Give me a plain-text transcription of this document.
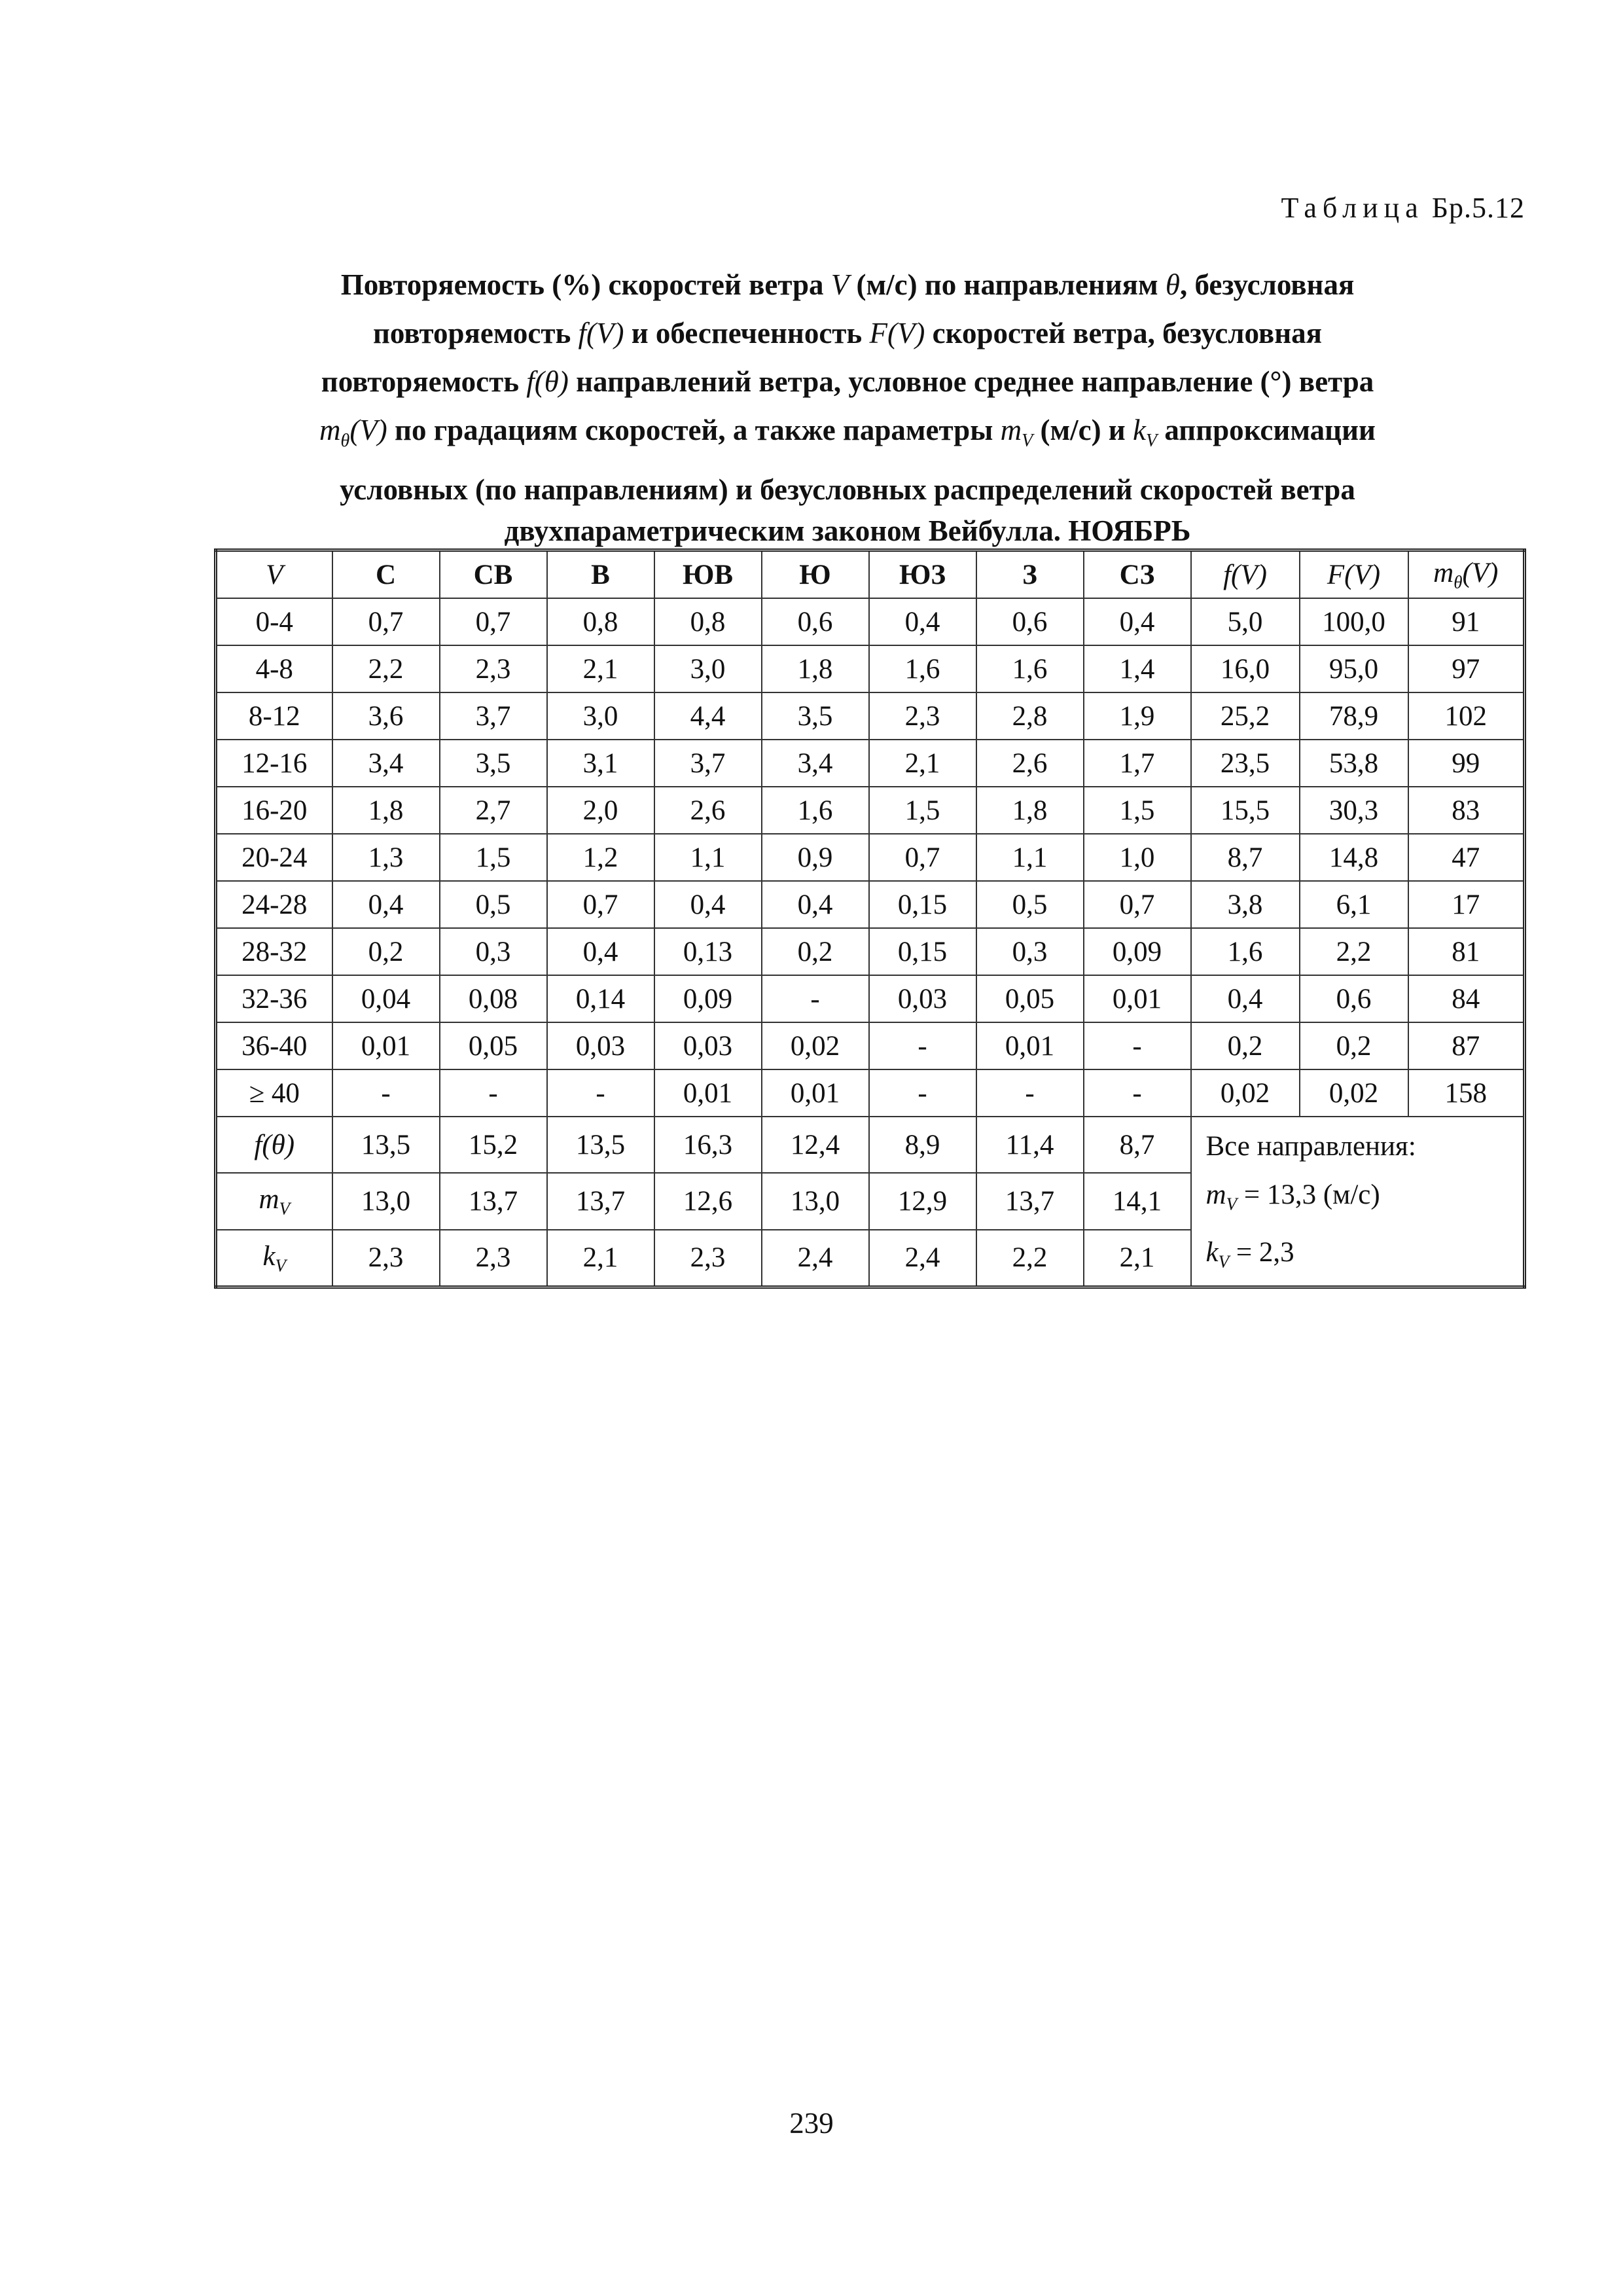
Таблица Бр.5.12
Повторяемость (%) скоростей ветра V (м/с) по направлениям θ, безусловная
повторяемость f(V) и обеспеченность F(V) скоростей ветра, безусловная
повторяемость f(θ) направлений ветра, условное среднее направление (°) ветра
$m_\theta(V)$ по градациям скоростей, а также параметры $m_V$ (м/с) и $k_V$ аппроксимации
условных (по направлениям) и безусловных распределений скоростей ветра
двухпараметрическим законом Вейбулла. НОЯБРЬ
V	С	СВ	В	ЮВ	Ю	ЮЗ	З	СЗ	f(V)	F(V)	$m_\theta(V)$
0-4	0,7	0,7	0,8	0,8	0,6	0,4	0,6	0,4	5,0	100,0	91
4-8	2,2	2,3	2,1	3,0	1,8	1,6	1,6	1,4	16,0	95,0	97
8-12	3,6	3,7	3,0	4,4	3,5	2,3	2,8	1,9	25,2	78,9	102
12-16	3,4	3,5	3,1	3,7	3,4	2,1	2,6	1,7	23,5	53,8	99
16-20	1,8	2,7	2,0	2,6	1,6	1,5	1,8	1,5	15,5	30,3	83
20-24	1,3	1,5	1,2	1,1	0,9	0,7	1,1	1,0	8,7	14,8	47
24-28	0,4	0,5	0,7	0,4	0,4	0,15	0,5	0,7	3,8	6,1	17
28-32	0,2	0,3	0,4	0,13	0,2	0,15	0,3	0,09	1,6	2,2	81
32-36	0,04	0,08	0,14	0,09	-	0,03	0,05	0,01	0,4	0,6	84
36-40	0,01	0,05	0,03	0,03	0,02	-	0,01	-	0,2	0,2	87
≥ 40	-	-	-	0,01	0,01	-	-	-	0,02	0,02	158
f(θ)	13,5	15,2	13,5	16,3	12,4	8,9	11,4	8,7	Все направления:
$m_V = 13,3$ (м/с)
$k_V = 2,3$		

$m_V$	13,0	13,7	13,7	12,6	13,0	12,9	13,7	14,1			
$k_V$	2,3	2,3	2,1	2,3	2,4	2,4	2,2	2,1			
239
